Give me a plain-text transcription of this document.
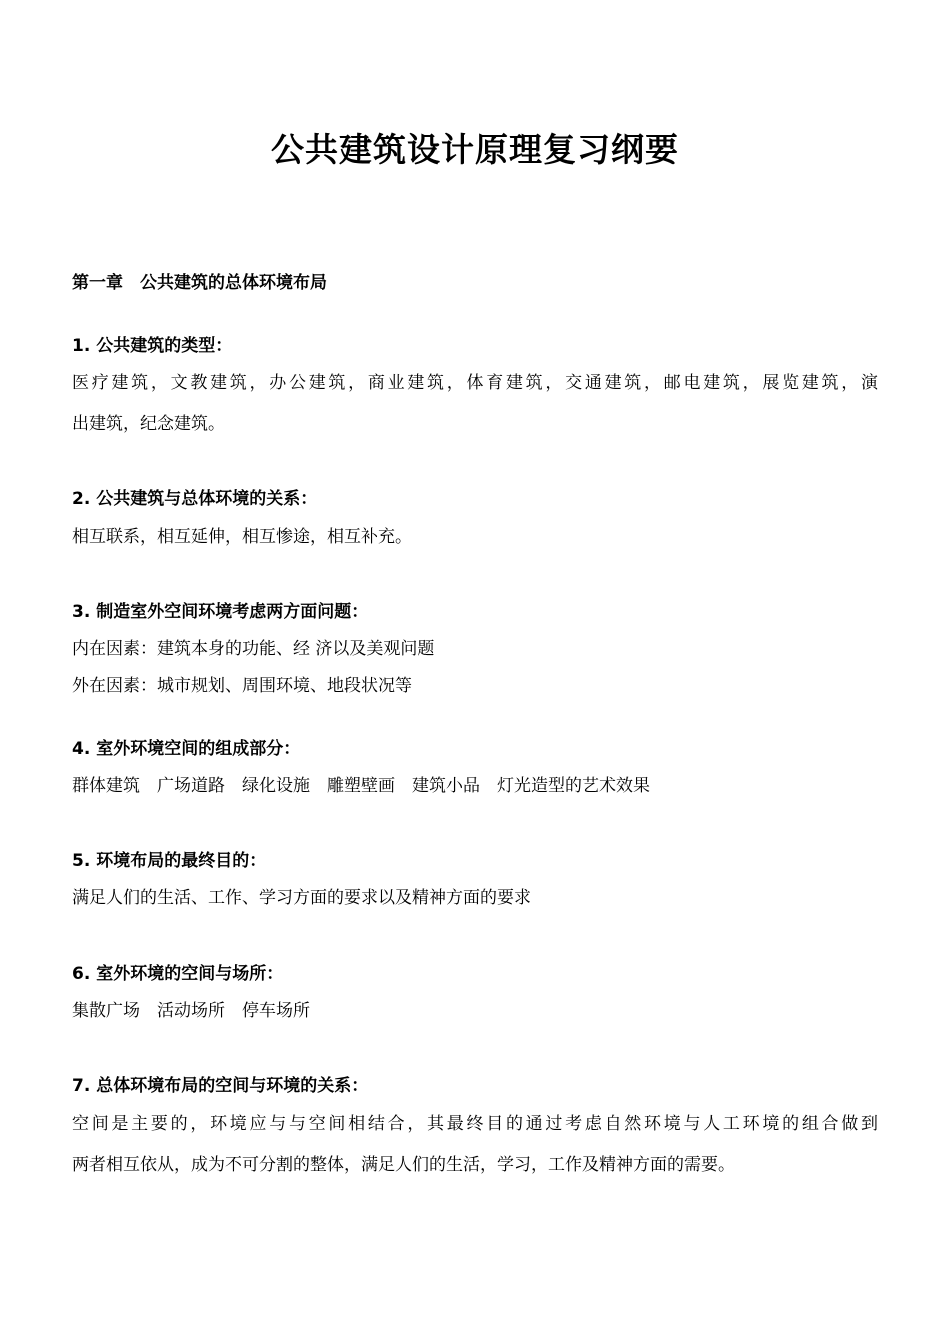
公共建筑设计原理复习纲要
第一章　公共建筑的总体环境布局
1. 公共建筑的类型：
医疗建筑，文教建筑，办公建筑，商业建筑，体育建筑，交通建筑，邮电建筑，展览建筑，演
出建筑，纪念建筑。
2. 公共建筑与总体环境的关系：
相互联系，相互延伸，相互惨途，相互补充。
3. 制造室外空间环境考虑两方面问题：
内在因素：建筑本身的功能、经 济以及美观问题
外在因素：城市规划、周围环境、地段状况等
4. 室外环境空间的组成部分：
群体建筑　广场道路　绿化设施　雕塑壁画　建筑小品　灯光造型的艺术效果
5. 环境布局的最终目的：
满足人们的生活、工作、学习方面的要求以及精神方面的要求
6. 室外环境的空间与场所：
集散广场　活动场所　停车场所
7. 总体环境布局的空间与环境的关系：
空间是主要的，环境应与与空间相结合，其最终目的通过考虑自然环境与人工环境的组合做到
两者相互依从，成为不可分割的整体，满足人们的生活，学习，工作及精神方面的需要。
